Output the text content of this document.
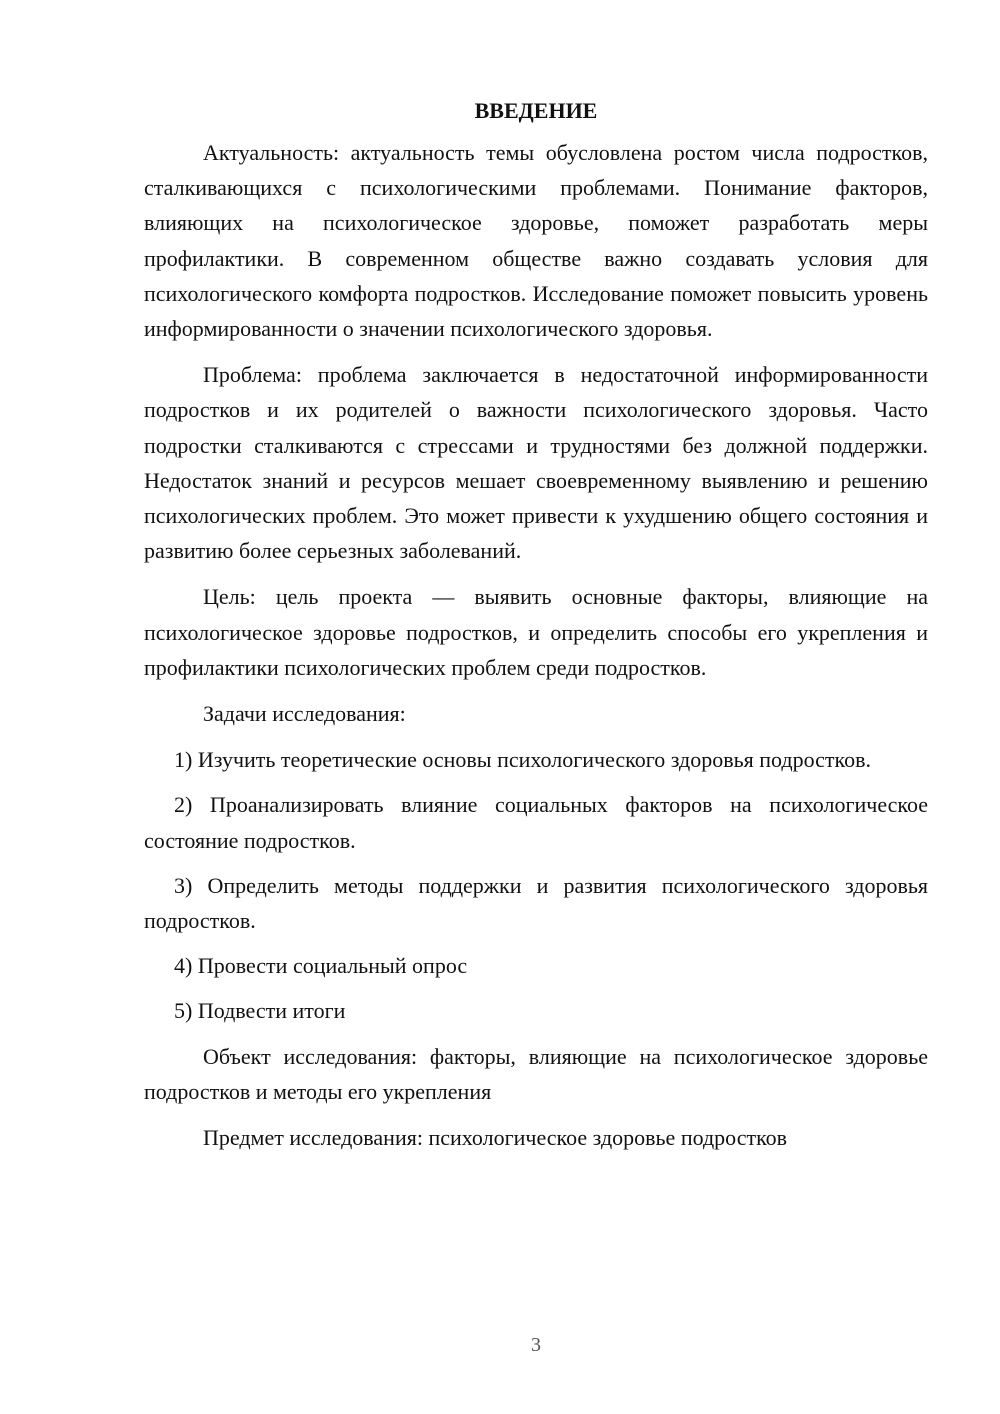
ВВЕДЕНИЕ

Актуальность: актуальность темы обусловлена ростом числа подростков, сталкивающихся с психологическими проблемами. Понимание факторов, влияющих на психологическое здоровье, поможет разработать меры профилактики. В современном обществе важно создавать условия для психологического комфорта подростков. Исследование поможет повысить уровень информированности о значении психологического здоровья.

Проблема: проблема заключается в недостаточной информированности подростков и их родителей о важности психологического здоровья. Часто подростки сталкиваются с стрессами и трудностями без должной поддержки. Недостаток знаний и ресурсов мешает своевременному выявлению и решению психологических проблем. Это может привести к ухудшению общего состояния и развитию более серьезных заболеваний.

Цель: цель проекта — выявить основные факторы, влияющие на психологическое здоровье подростков, и определить способы его укрепления и профилактики психологических проблем среди подростков.

Задачи исследования:

1) Изучить теоретические основы психологического здоровья подростков.

2) Проанализировать влияние социальных факторов на психологическое состояние подростков.

3) Определить методы поддержки и развития психологического здоровья подростков.

4) Провести социальный опрос

5) Подвести итоги

Объект исследования: факторы, влияющие на психологическое здоровье подростков и методы его укрепления

Предмет исследования: психологическое здоровье подростков

3
